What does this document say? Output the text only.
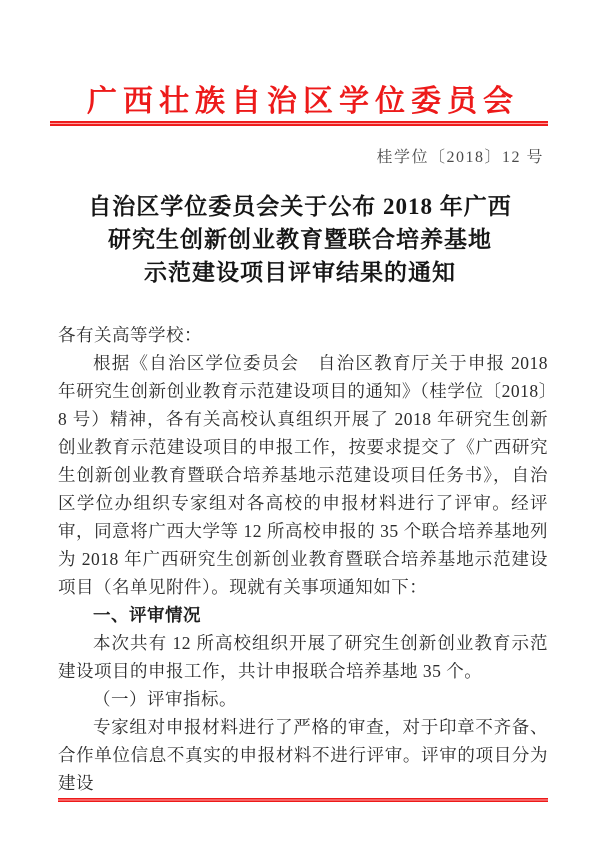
广西壮族自治区学位委员会
桂学位〔2018〕12 号
自治区学位委员会关于公布 2018 年广西
研究生创新创业教育暨联合培养基地
示范建设项目评审结果的通知

各有关高等学校：

根据《自治区学位委员会　自治区教育厅关于申报 2018 年研究生创新创业教育示范建设项目的通知》（桂学位〔2018〕8 号）精神，各有关高校认真组织开展了 2018 年研究生创新创业教育示范建设项目的申报工作，按要求提交了《广西研究生创新创业教育暨联合培养基地示范建设项目任务书》，自治区学位办组织专家组对各高校的申报材料进行了评审。经评审，同意将广西大学等 12 所高校申报的 35 个联合培养基地列为 2018 年广西研究生创新创业教育暨联合培养基地示范建设项目（名单见附件）。现就有关事项通知如下：

一、评审情况

本次共有 12 所高校组织开展了研究生创新创业教育示范建设项目的申报工作，共计申报联合培养基地 35 个。

（一）评审指标。

专家组对申报材料进行了严格的审查，对于印章不齐备、合作单位信息不真实的申报材料不进行评审。评审的项目分为建设
